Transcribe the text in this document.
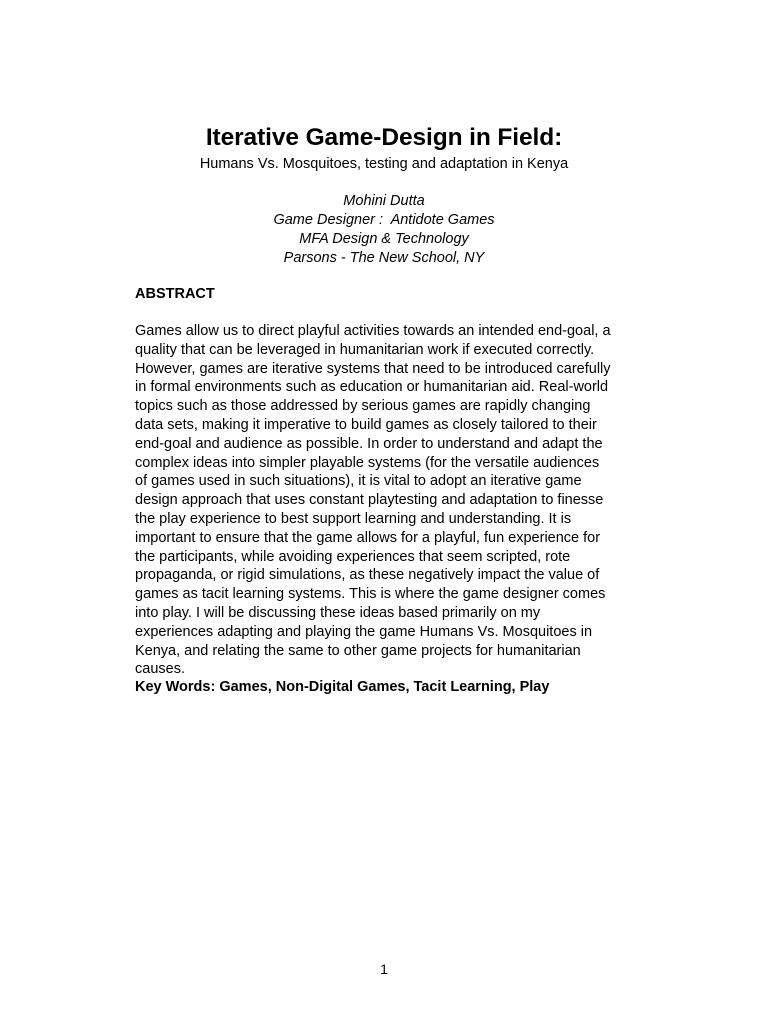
Iterative Game-Design in Field:
Humans Vs. Mosquitoes, testing and adaptation in Kenya
Mohini Dutta
Game Designer :  Antidote Games
MFA Design & Technology
Parsons - The New School, NY
ABSTRACT
Games allow us to direct playful activities towards an intended end-goal, a
quality that can be leveraged in humanitarian work if executed correctly.
However, games are iterative systems that need to be introduced carefully
in formal environments such as education or humanitarian aid. Real-world
topics such as those addressed by serious games are rapidly changing
data sets, making it imperative to build games as closely tailored to their
end-goal and audience as possible. In order to understand and adapt the
complex ideas into simpler playable systems (for the versatile audiences
of games used in such situations), it is vital to adopt an iterative game
design approach that uses constant playtesting and adaptation to finesse
the play experience to best support learning and understanding. It is
important to ensure that the game allows for a playful, fun experience for
the participants, while avoiding experiences that seem scripted, rote
propaganda, or rigid simulations, as these negatively impact the value of
games as tacit learning systems. This is where the game designer comes
into play. I will be discussing these ideas based primarily on my
experiences adapting and playing the game Humans Vs. Mosquitoes in
Kenya, and relating the same to other game projects for humanitarian
causes.
Key Words: Games, Non-Digital Games, Tacit Learning, Play
1
